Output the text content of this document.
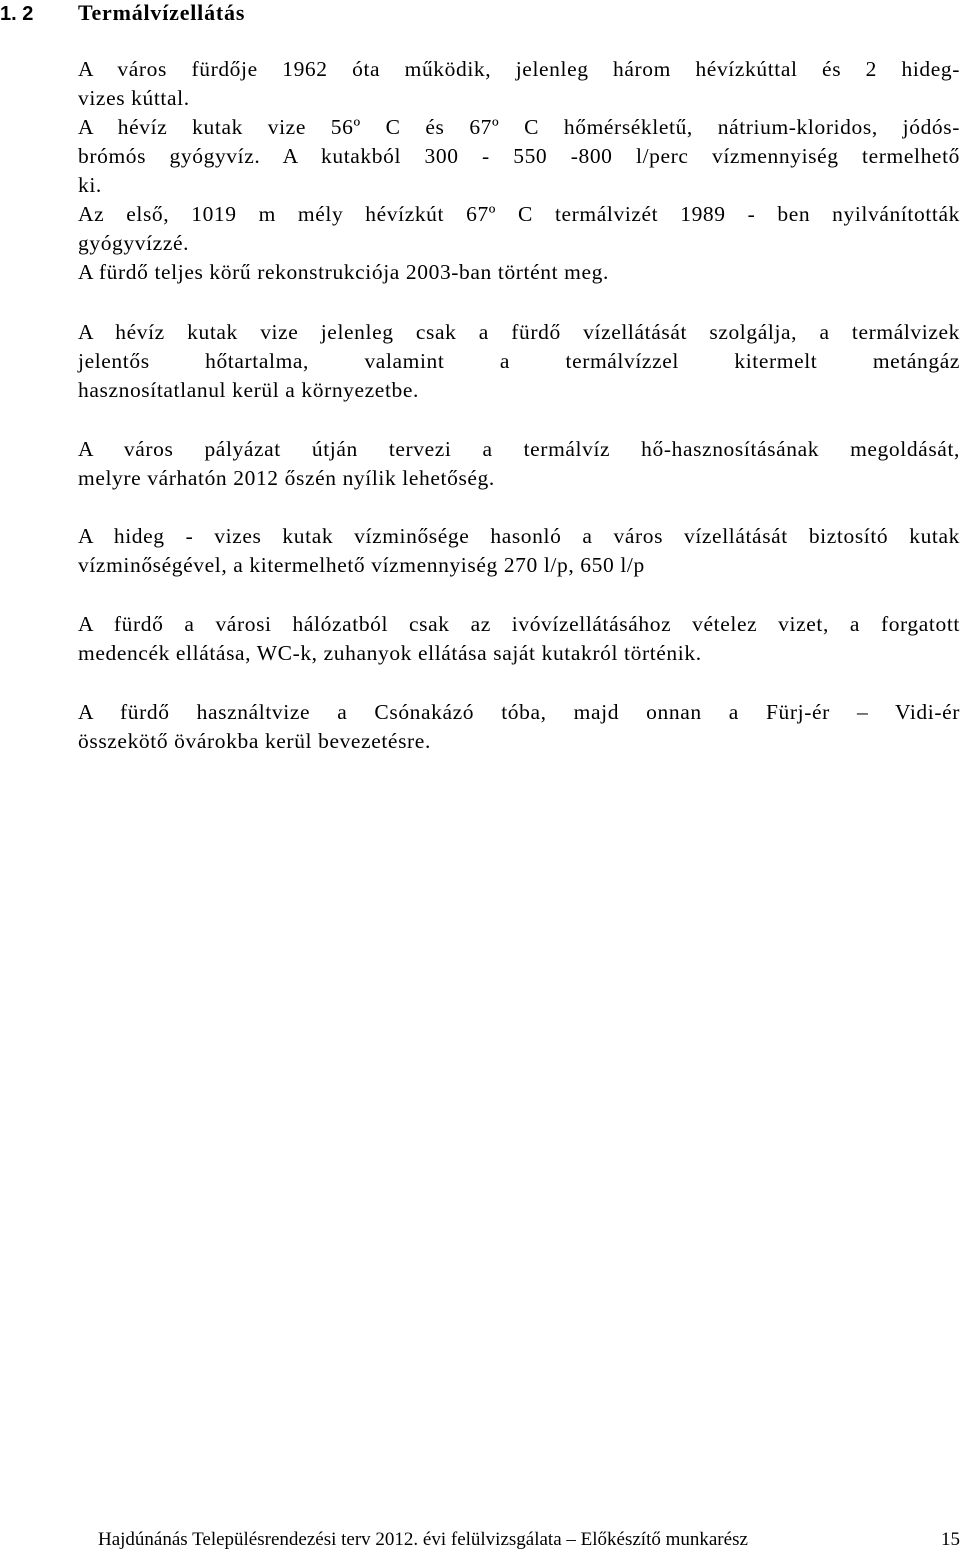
1. 2 Termálvízellátás
A város fürdője 1962 óta működik, jelenleg három hévízkúttal és 2 hideg-
vizes kúttal.
A hévíz kutak vize 56º C és 67º C hőmérsékletű, nátrium-kloridos, jódós-
brómós gyógyvíz. A kutakból 300 - 550 -800 l/perc vízmennyiség termelhető
ki.
Az első, 1019 m mély hévízkút 67º C termálvizét 1989 - ben nyilvánították
gyógyvízzé.
A fürdő teljes körű rekonstrukciója 2003-ban történt meg.
A hévíz kutak vize jelenleg csak a fürdő vízellátását szolgálja, a termálvizek
jelentős hőtartalma, valamint a termálvízzel kitermelt metángáz
hasznosítatlanul kerül a környezetbe.
A város pályázat útján tervezi a termálvíz hő-hasznosításának megoldását,
melyre várhatón 2012 őszén nyílik lehetőség.
A hideg - vizes kutak vízminősége hasonló a város vízellátását biztosító kutak
vízminőségével, a kitermelhető vízmennyiség 270 l/p, 650 l/p
A fürdő a városi hálózatból csak az ivóvízellátásához vételez vizet, a forgatott
medencék ellátása, WC-k, zuhanyok ellátása saját kutakról történik.
A fürdő használtvize a Csónakázó tóba, majd onnan a Fürj-ér – Vidi-ér
összekötő övárokba kerül bevezetésre.
Hajdúnánás Településrendezési terv 2012. évi felülvizsgálata – Előkészítő munkarész	15
